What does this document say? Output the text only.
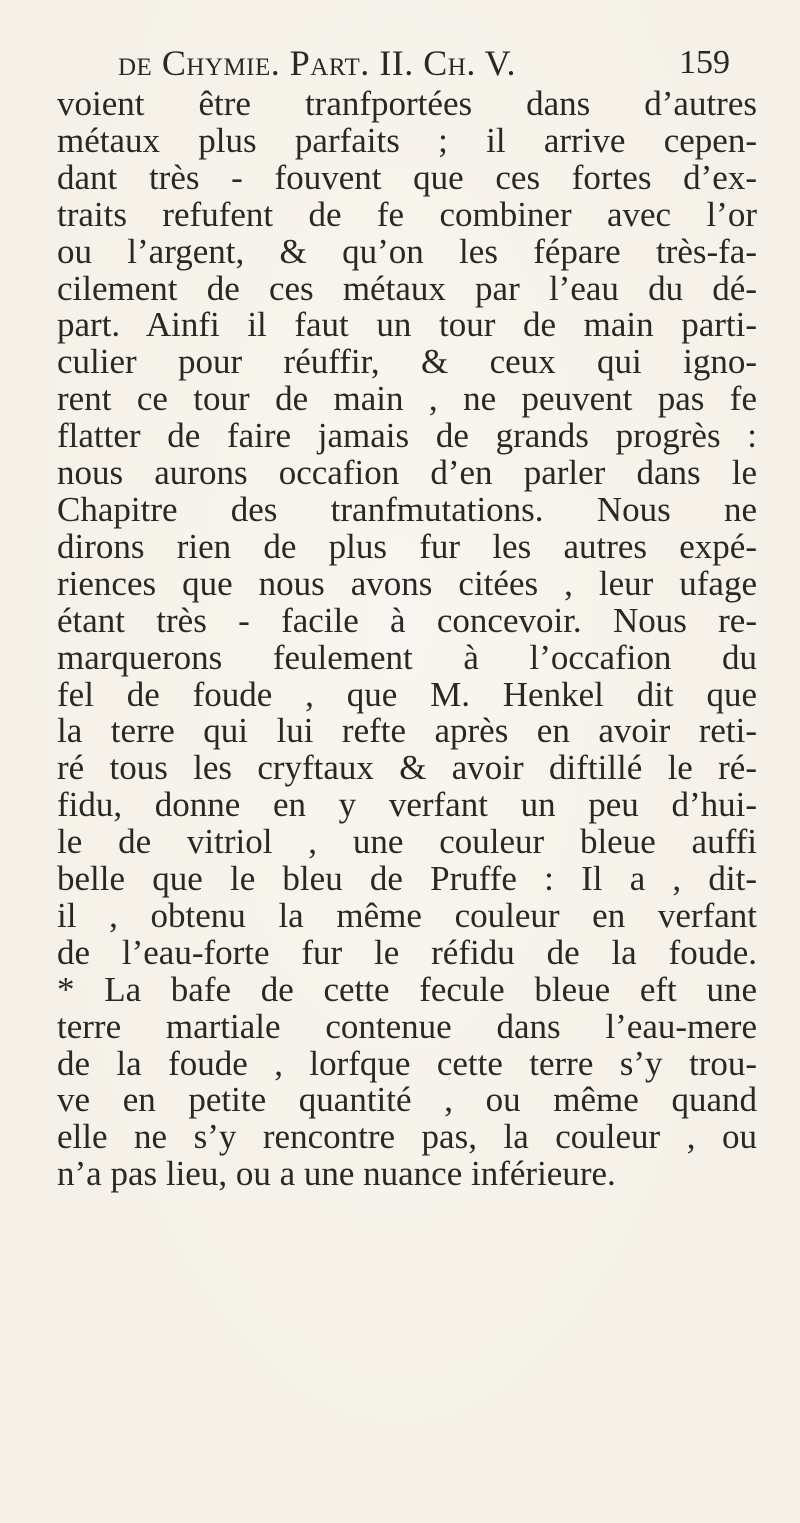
de Chymie. Part. II. Ch. V.	159
voient être tranfportées dans d’autres
métaux plus parfaits ; il arrive cepen-
dant très - fouvent que ces fortes d’ex-
traits refufent de fe combiner avec l’or
ou l’argent, & qu’on les fépare très-fa-
cilement de ces métaux par l’eau du dé-
part. Ainfi il faut un tour de main parti-
culier pour réuffir, & ceux qui igno-
rent ce tour de main , ne peuvent pas fe
flatter de faire jamais de grands progrès :
nous aurons occafion d’en parler dans le
Chapitre des tranfmutations. Nous ne
dirons rien de plus fur les autres expé-
riences que nous avons citées , leur ufage
étant très - facile à concevoir. Nous re-
marquerons feulement à l’occafion du
fel de foude , que M. Henkel dit que
la terre qui lui refte après en avoir reti-
ré tous les cryftaux & avoir diftillé le ré-
fidu, donne en y verfant un peu d’hui-
le de vitriol , une couleur bleue auffi
belle que le bleu de Pruffe : Il a , dit-
il , obtenu la même couleur en verfant
de l’eau-forte fur le réfidu de la foude.
* La bafe de cette fecule bleue eft une
terre martiale contenue dans l’eau-mere
de la foude , lorfque cette terre s’y trou-
ve en petite quantité , ou même quand
elle ne s’y rencontre pas, la couleur , ou
n’a pas lieu, ou a une nuance inférieure.
